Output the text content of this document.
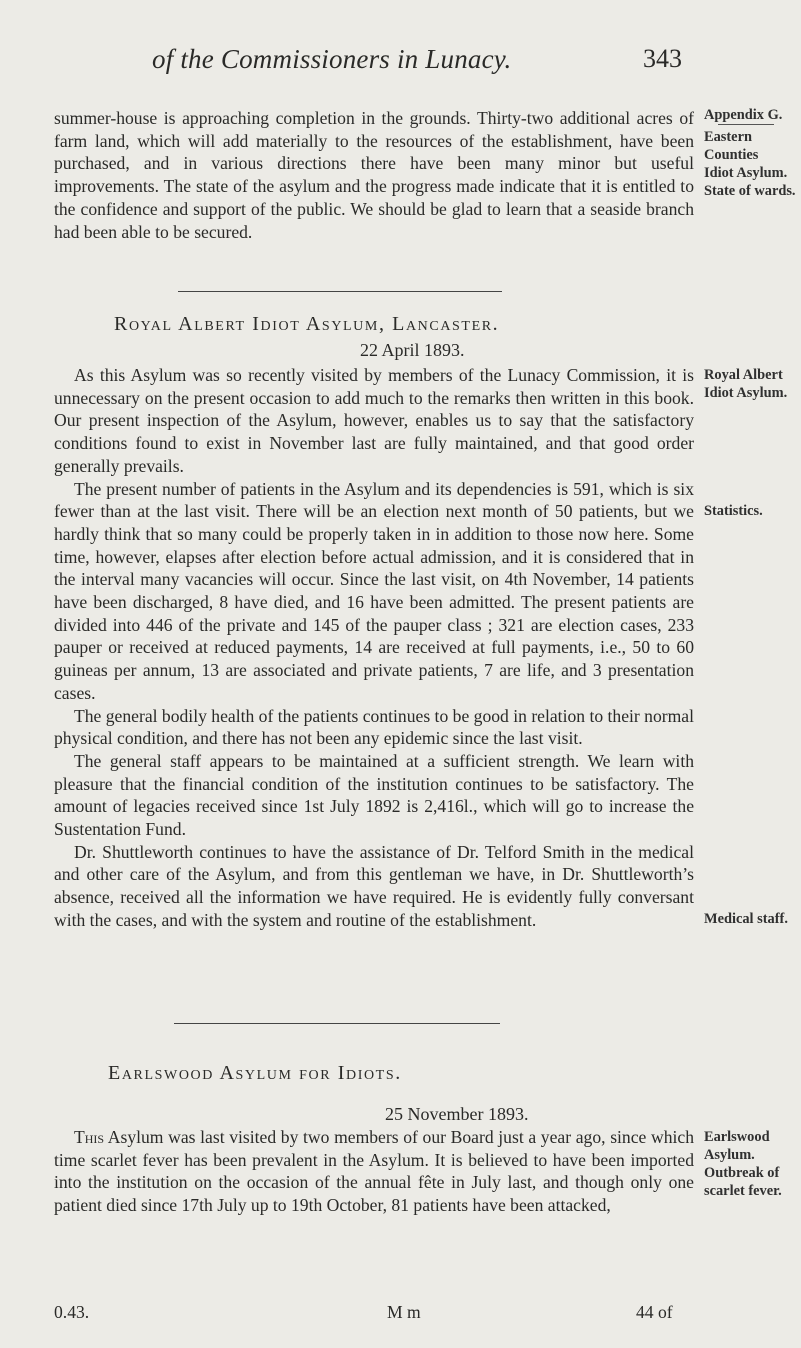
of the Commissioners in Lunacy.	343

summer-house is approaching completion in the grounds. Thirty-two additional acres of farm land, which will add materially to the resources of the establishment, have been purchased, and in various directions there have been many minor but useful improvements. The state of the asylum and the progress made indicate that it is entitled to the confidence and support of the public. We should be glad to learn that a seaside branch had been able to be secured.

Royal Albert Idiot Asylum, Lancaster.
22 April 1893.

As this Asylum was so recently visited by members of the Lunacy Commission, it is unnecessary on the present occasion to add much to the remarks then written in this book. Our present inspection of the Asylum, however, enables us to say that the satisfactory conditions found to exist in November last are fully maintained, and that good order generally prevails.

The present number of patients in the Asylum and its dependencies is 591, which is six fewer than at the last visit. There will be an election next month of 50 patients, but we hardly think that so many could be properly taken in in addition to those now here. Some time, however, elapses after election before actual admission, and it is considered that in the interval many vacancies will occur. Since the last visit, on 4th November, 14 patients have been discharged, 8 have died, and 16 have been admitted. The present patients are divided into 446 of the private and 145 of the pauper class ; 321 are election cases, 233 pauper or received at reduced payments, 14 are received at full payments, i.e., 50 to 60 guineas per annum, 13 are associated and private patients, 7 are life, and 3 presentation cases.

The general bodily health of the patients continues to be good in relation to their normal physical condition, and there has not been any epidemic since the last visit.

The general staff appears to be maintained at a sufficient strength. We learn with pleasure that the financial condition of the institution continues to be satisfactory. The amount of legacies received since 1st July 1892 is 2,416l., which will go to increase the Sustentation Fund.

Dr. Shuttleworth continues to have the assistance of Dr. Telford Smith in the medical and other care of the Asylum, and from this gentleman we have, in Dr. Shuttleworth’s absence, received all the information we have required. He is evidently fully conversant with the cases, and with the system and routine of the establishment.

Earlswood Asylum for Idiots.
25 November 1893.

This Asylum was last visited by two members of our Board just a year ago, since which time scarlet fever has been prevalent in the Asylum. It is believed to have been imported into the institution on the occasion of the annual fête in July last, and though only one patient died since 17th July up to 19th October, 81 patients have been attacked,

0.43.	M m	44 of
Appendix G.
Eastern
Counties
Idiot Asylum.
State of wards.
Royal Albert
Idiot Asylum.
Statistics.
Medical staff.
Earlswood
Asylum.
Outbreak of
scarlet fever.
